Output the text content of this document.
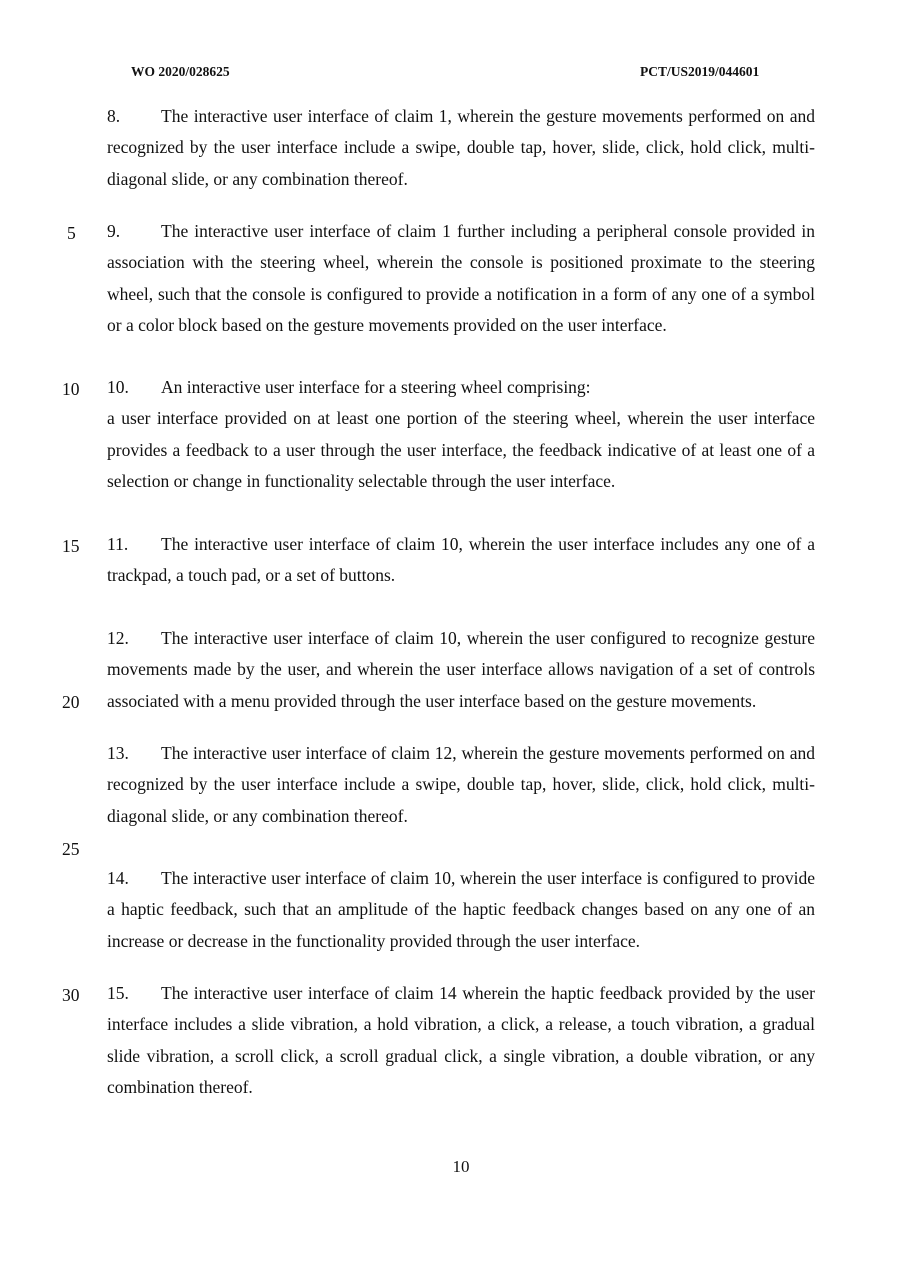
WO 2020/028625	PCT/US2019/044601
5
10
15
20
25
30

8. The interactive user interface of claim 1, wherein the gesture movements performed on and recognized by the user interface include a swipe, double tap, hover, slide, click, hold click, multi-diagonal slide, or any combination thereof.

9. The interactive user interface of claim 1 further including a peripheral console provided in association with the steering wheel, wherein the console is positioned proximate to the steering wheel, such that the console is configured to provide a notification in a form of any one of a symbol or a color block based on the gesture movements provided on the user interface.

10. An interactive user interface for a steering wheel comprising:

a user interface provided on at least one portion of the steering wheel, wherein the user interface provides a feedback to a user through the user interface, the feedback indicative of at least one of a selection or change in functionality selectable through the user interface.

11. The interactive user interface of claim 10, wherein the user interface includes any one of a trackpad, a touch pad, or a set of buttons.

12. The interactive user interface of claim 10, wherein the user configured to recognize gesture movements made by the user, and wherein the user interface allows navigation of a set of controls associated with a menu provided through the user interface based on the gesture movements.

13. The interactive user interface of claim 12, wherein the gesture movements performed on and recognized by the user interface include a swipe, double tap, hover, slide, click, hold click, multi-diagonal slide, or any combination thereof.

14. The interactive user interface of claim 10, wherein the user interface is configured to provide a haptic feedback, such that an amplitude of the haptic feedback changes based on any one of an increase or decrease in the functionality provided through the user interface.

15. The interactive user interface of claim 14 wherein the haptic feedback provided by the user interface includes a slide vibration, a hold vibration, a click, a release, a touch vibration, a gradual slide vibration, a scroll click, a scroll gradual click, a single vibration, a double vibration, or any combination thereof.

10
